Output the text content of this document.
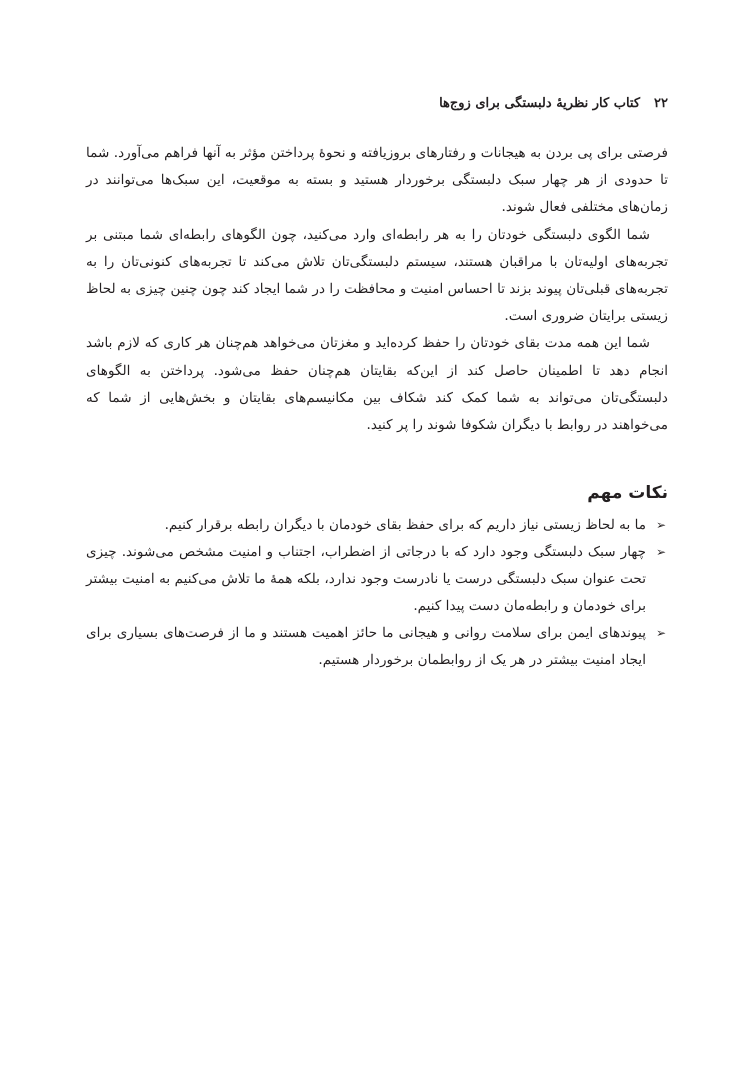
۲۲کتاب کار نظریهٔ دلبستگی برای زوج‌ها

فرصتی برای پی بردن به هیجانات و رفتارهای بروزیافته و نحوهٔ پرداختن مؤثر به آنها فراهم می‌آورد. شما تا حدودی از هر چهار سبک دلبستگی برخوردار هستید و بسته به موقعیت، این سبک‌ها می‌توانند در زمان‌های مختلفی فعال شوند.

شما الگوی دلبستگی خودتان را به هر رابطه‌ای وارد می‌کنید، چون الگوهای رابطه‌ای شما مبتنی بر تجربه‌های اولیه‌تان با مراقبان هستند، سیستم دلبستگی‌تان تلاش می‌کند تا تجربه‌های کنونی‌تان را به تجربه‌های قبلی‌تان پیوند بزند تا احساس امنیت و محافظت را در شما ایجاد کند چون چنین چیزی به لحاظ زیستی برایتان ضروری است.

شما این همه مدت بقای خودتان را حفظ کرده‌اید و مغزتان می‌خواهد هم‌چنان هر کاری که لازم باشد انجام دهد تا اطمینان حاصل کند از این‌که بقایتان هم‌چنان حفظ می‌شود. پرداختن به الگوهای دلبستگی‌تان می‌تواند به شما کمک کند شکاف بین مکانیسم‌های بقایتان و بخش‌هایی از شما که می‌خواهند در روابط با دیگران شکوفا شوند را پر کنید.

نکات مهم
➢
ما به لحاظ زیستی نیاز داریم که برای حفظ بقای خودمان با دیگران رابطه برقرار کنیم.
➢
چهار سبک دلبستگی وجود دارد که با درجاتی از اضطراب، اجتناب و امنیت مشخص می‌شوند. چیزی تحت عنوان سبک دلبستگی درست یا نادرست وجود ندارد، بلکه همهٔ ما تلاش می‌کنیم به امنیت بیشتر برای خودمان و رابطه‌مان دست پیدا کنیم.
➢
پیوندهای ایمن برای سلامت روانی و هیجانی ما حائز اهمیت هستند و ما از فرصت‌های بسیاری برای ایجاد امنیت بیشتر در هر یک از روابطمان برخوردار هستیم.
